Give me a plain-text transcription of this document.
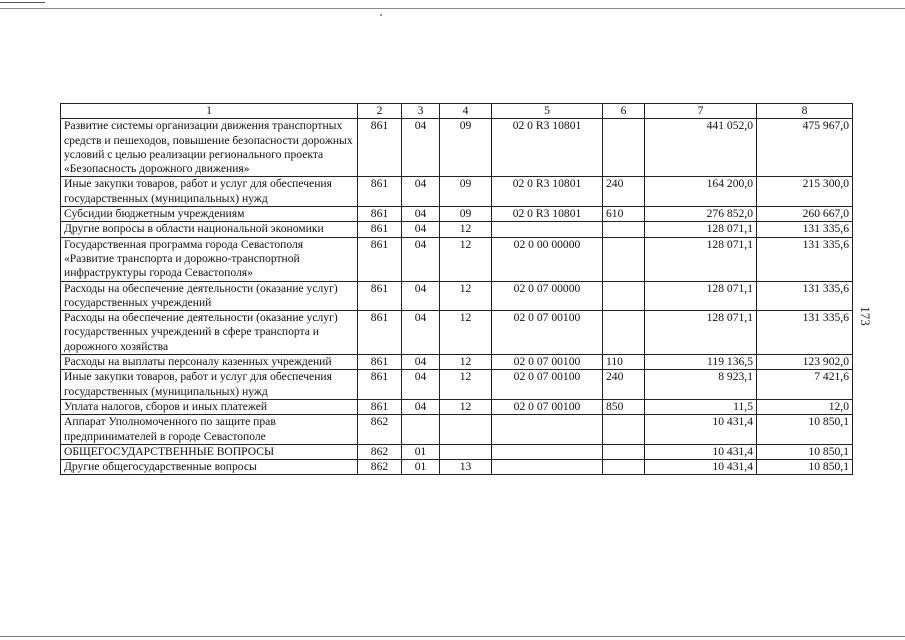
173
1	2	3	4	5	6	7	8
Развитие системы организации движения транспортных средств и пешеходов, повышение безопасности дорожных условий с целью реализации регионального проекта «Безопасность дорожного движения»	861	04	09	02 0 R3 10801		441 052,0	475 967,0
Иные закупки товаров, работ и услуг для обеспечения государственных (муниципальных) нужд	861	04	09	02 0 R3 10801	240	164 200,0	215 300,0
Субсидии бюджетным учреждениям	861	04	09	02 0 R3 10801	610	276 852,0	260 667,0
Другие вопросы в области национальной экономики	861	04	12			128 071,1	131 335,6
Государственная программа города Севастополя «Развитие транспорта и дорожно-транспортной инфраструктуры города Севастополя»	861	04	12	02 0 00 00000		128 071,1	131 335,6
Расходы на обеспечение деятельности (оказание услуг) государственных учреждений	861	04	12	02 0 07 00000		128 071,1	131 335,6
Расходы на обеспечение деятельности (оказание услуг) государственных учреждений в сфере транспорта и дорожного хозяйства	861	04	12	02 0 07 00100		128 071,1	131 335,6
Расходы на выплаты персоналу казенных учреждений	861	04	12	02 0 07 00100	110	119 136,5	123 902,0
Иные закупки товаров, работ и услуг для обеспечения государственных (муниципальных) нужд	861	04	12	02 0 07 00100	240	8 923,1	7 421,6
Уплата налогов, сборов и иных платежей	861	04	12	02 0 07 00100	850	11,5	12,0
Аппарат Уполномоченного по защите прав предпринимателей в городе Севастополе	862					10 431,4	10 850,1
ОБЩЕГОСУДАРСТВЕННЫЕ ВОПРОСЫ	862	01				10 431,4	10 850,1
Другие общегосударственные вопросы	862	01	13			10 431,4	10 850,1
